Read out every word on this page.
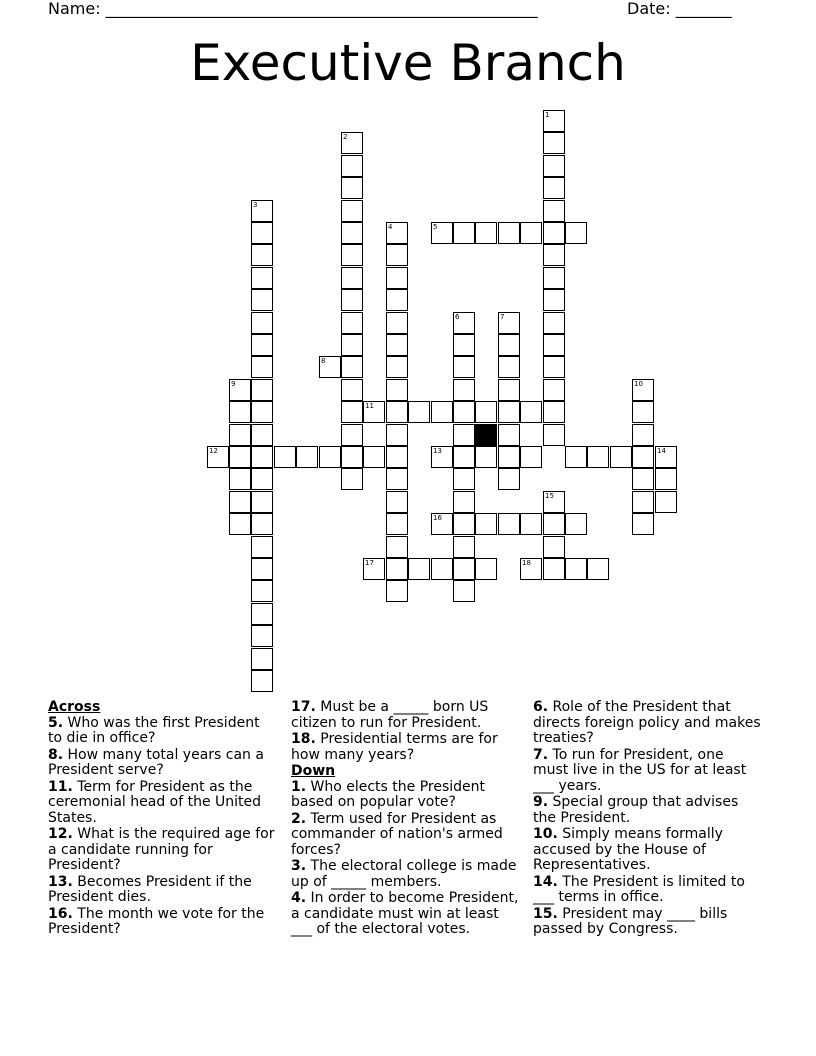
Name: ______________________________________________________	Date: _______
Executive Branch
1
2
3
4	5
6	7
8
9	10
11
12	13	14
15
16
17	18
Across
5. Who was the first President to die in office?
8. How many total years can a President serve?
11. Term for President as the ceremonial head of the United States.
12. What is the required age for a candidate running for President?
13. Becomes President if the President dies.
16. The month we vote for the President?
17. Must be a _____ born US citizen to run for President.
18. Presidential terms are for how many years?
Down
1. Who elects the President based on popular vote?
2. Term used for President as commander of nation's armed forces?
3. The electoral college is made up of _____ members.
4. In order to become President, a candidate must win at least ___ of the electoral votes.
6. Role of the President that directs foreign policy and makes treaties?
7. To run for President, one must live in the US for at least ___ years.
9. Special group that advises the President.
10. Simply means formally accused by the House of Representatives.
14. The President is limited to ___ terms in office.
15. President may ____ bills passed by Congress.
